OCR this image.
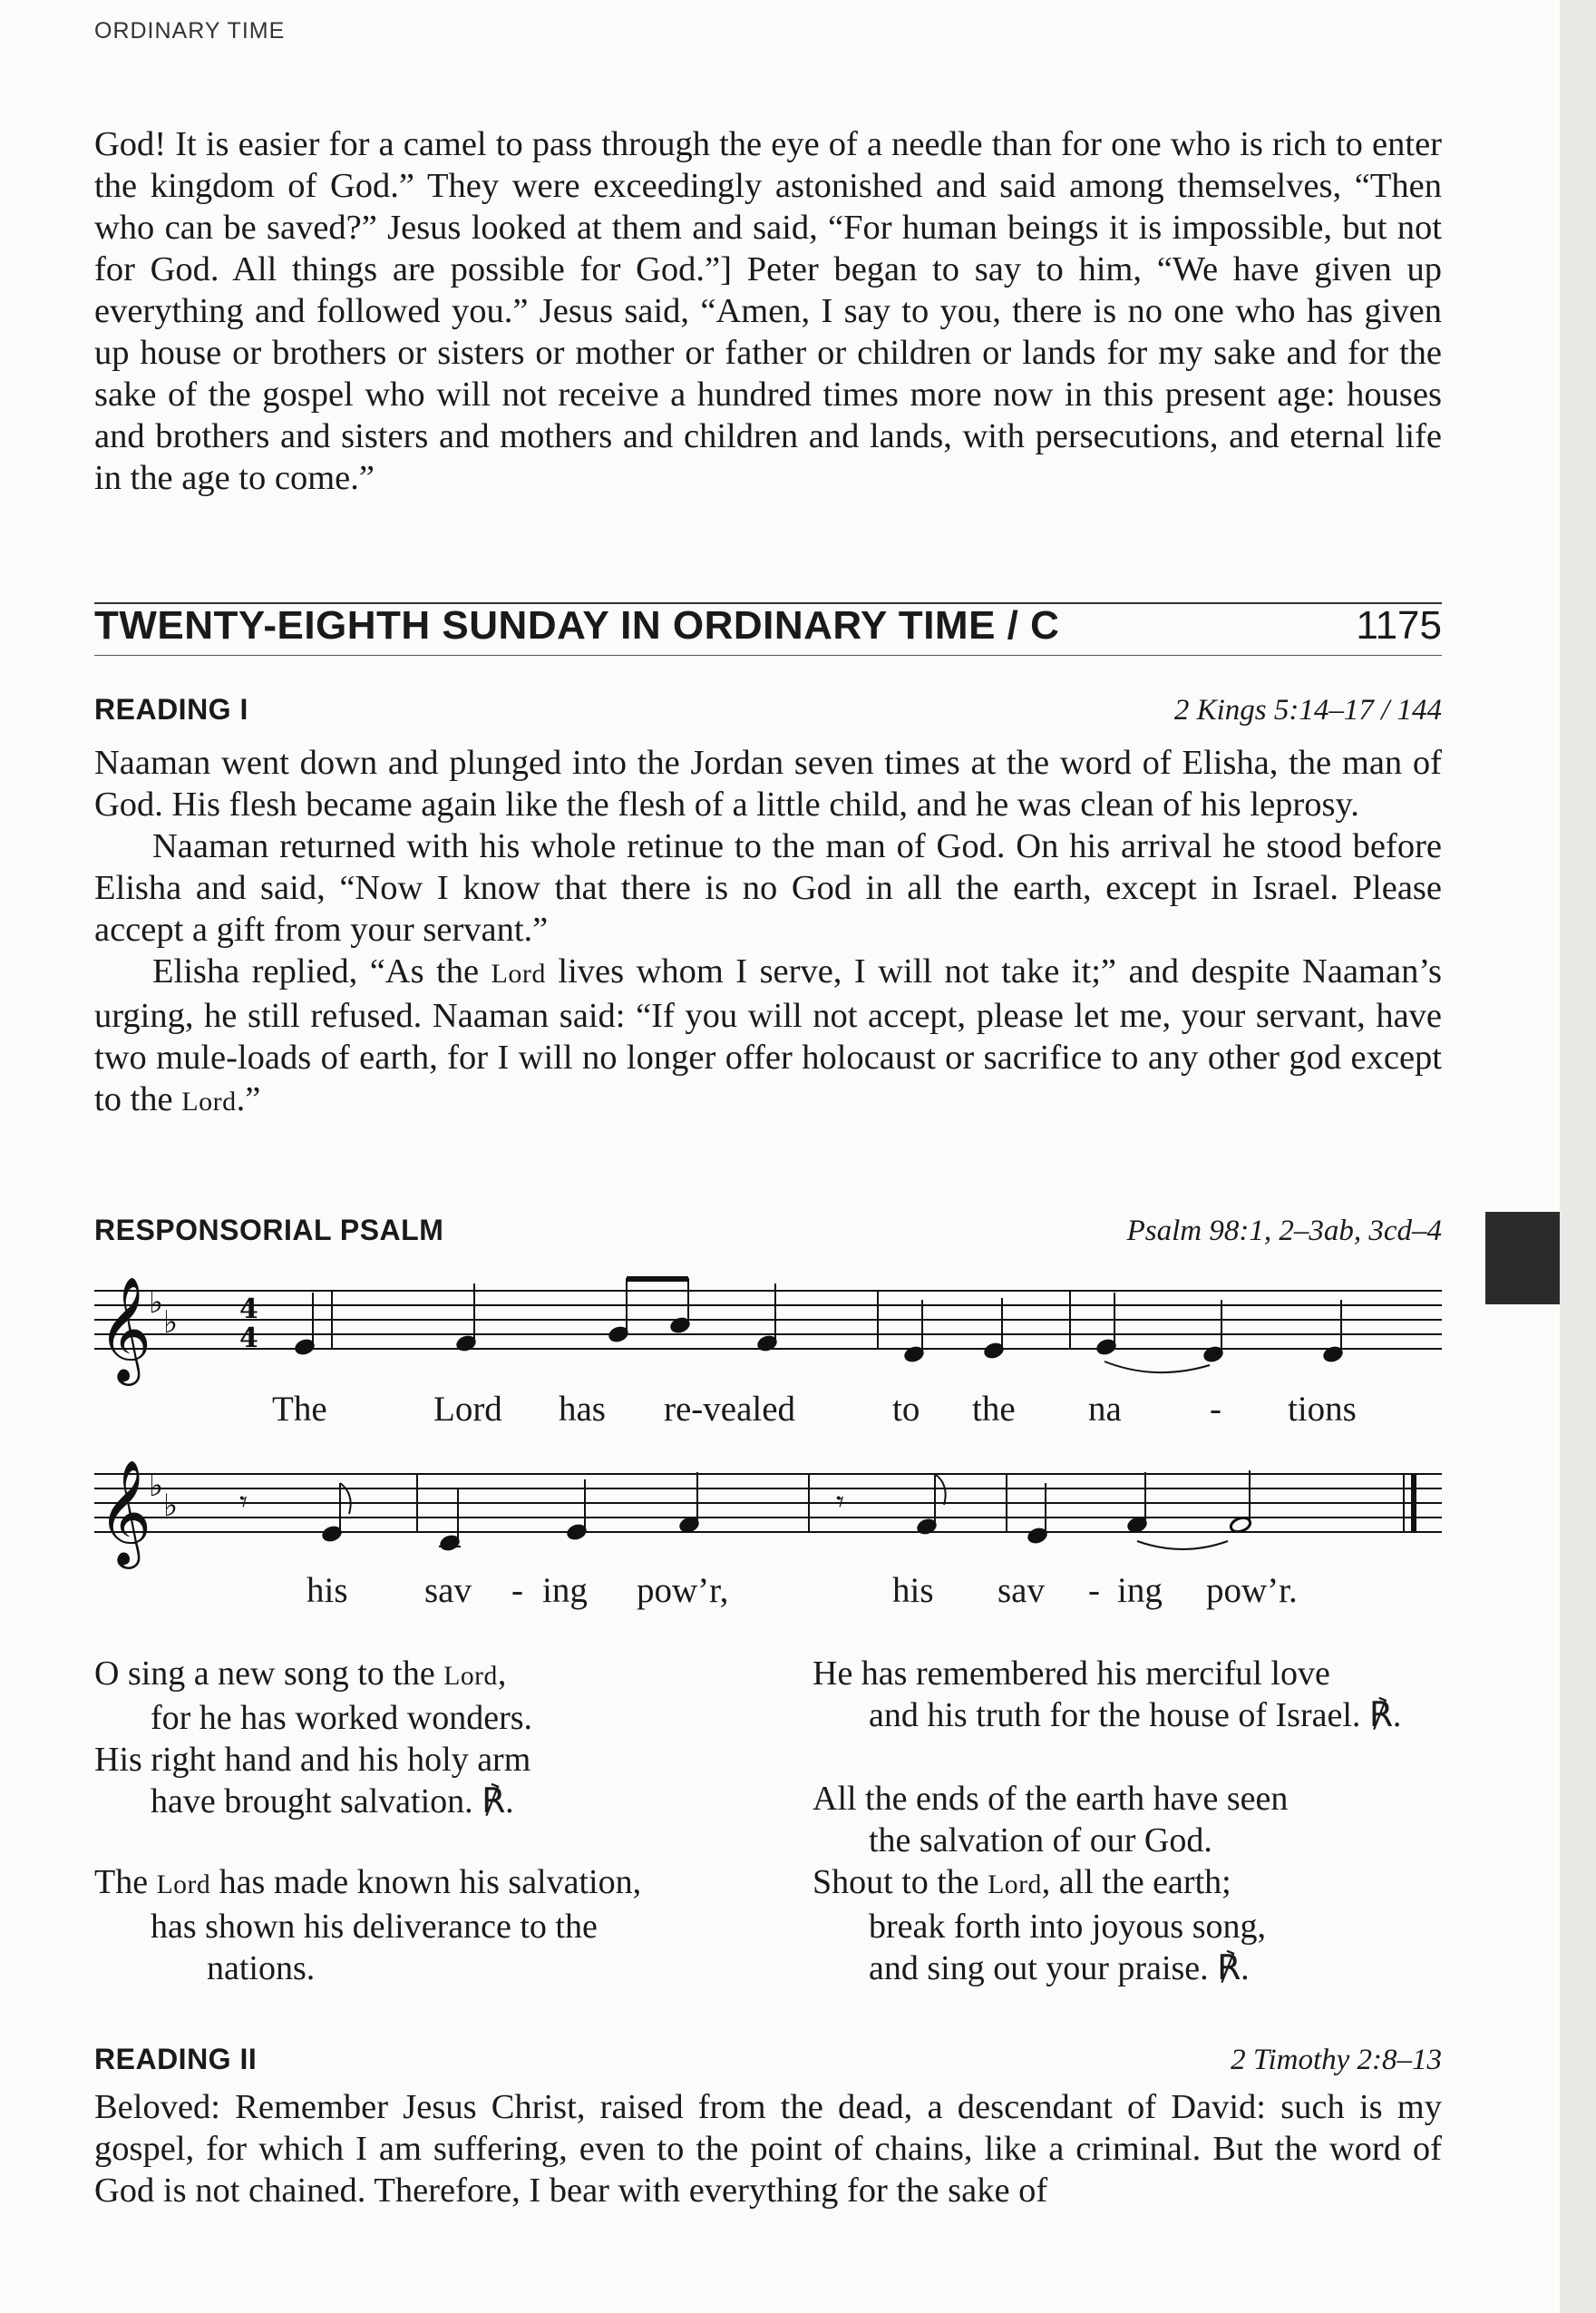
ORDINARY TIME

God! It is easier for a camel to pass through the eye of a needle than for one who is rich to enter the kingdom of God.” They were exceedingly astonished and said among themselves, “Then who can be saved?” Jesus looked at them and said, “For human beings it is impossible, but not for God. All things are possible for God.”] Peter began to say to him, “We have given up everything and followed you.” Jesus said, “Amen, I say to you, there is no one who has given up house or brothers or sisters or mother or father or children or lands for my sake and for the sake of the gospel who will not receive a hundred times more now in this present age: houses and brothers and sisters and mothers and children and lands, with persecutions, and eternal life in the age to come.”

TWENTY-EIGHTH SUNDAY IN ORDINARY TIME / C	1175
READING I	2 Kings 5:14–17 / 144

Naaman went down and plunged into the Jordan seven times at the word of Elisha, the man of God. His flesh became again like the flesh of a little child, and he was clean of his leprosy.

Naaman returned with his whole retinue to the man of God. On his arrival he stood before Elisha and said, “Now I know that there is no God in all the earth, except in Israel. Please accept a gift from your servant.”

Elisha replied, “As the Lord lives whom I serve, I will not take it;” and despite Naaman’s urging, he still refused. Naaman said: “If you will not accept, please let me, your servant, have two mule-loads of earth, for I will no longer offer holocaust or sacrifice to any other god except to the Lord.”

RESPONSORIAL PSALM	Psalm 98:1, 2–3ab, 3cd–4
𝄞
♭
♭ 4
4
𝄞
♭
♭ 𝄾	𝄾
The	Lord has re-vealed	to the na - tions
his sav - ing pow’r,	his sav - ing pow’r.
O sing a new song to the Lord,
for he has worked wonders.
His right hand and his holy arm
have brought salvation. ℟.
The Lord has made known his salvation,
has shown his deliverance to the
nations.
He has remembered his merciful love
and his truth for the house of Israel. ℟.
All the ends of the earth have seen
the salvation of our God.
Shout to the Lord, all the earth;
break forth into joyous song,
and sing out your praise. ℟.
READING II	2 Timothy 2:8–13

Beloved: Remember Jesus Christ, raised from the dead, a descendant of David: such is my gospel, for which I am suffering, even to the point of chains, like a criminal. But the word of God is not chained. Therefore, I bear with everything for the sake of
